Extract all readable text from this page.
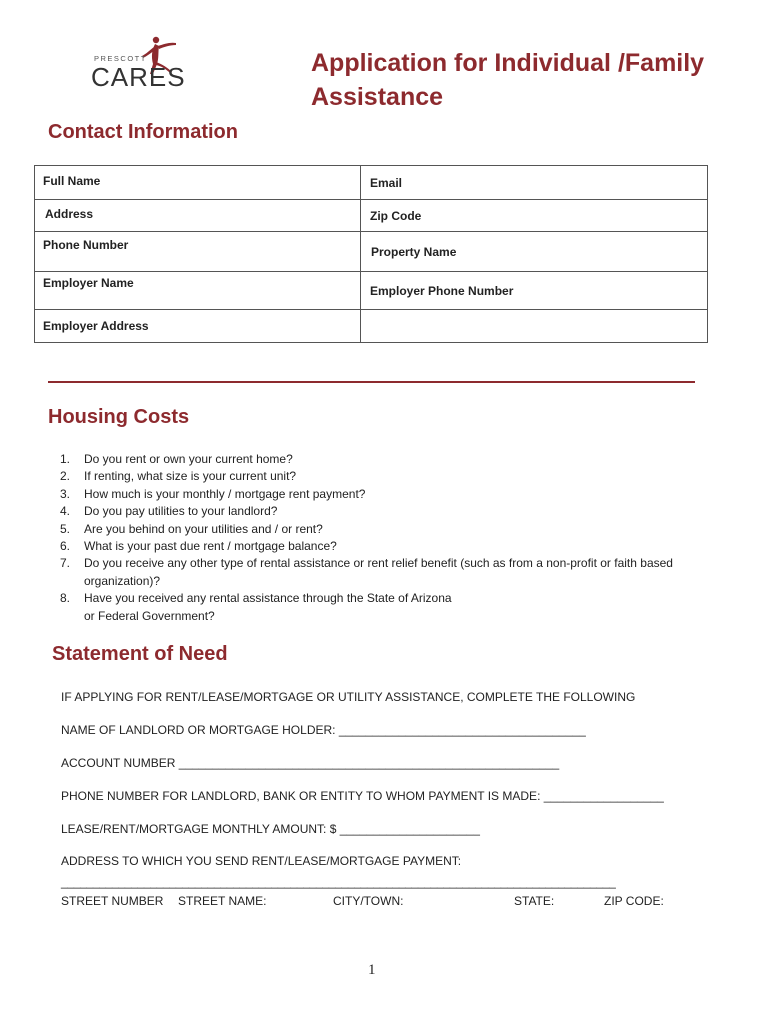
PRESCOTT
CARES	Application for Individual /Family
Assistance
Contact Information
Full Name	Email

Address	Zip Code

Phone Number	Property Name

Employer Name	Employer Phone Number

Employer Address	

Housing Costs
1. Do you rent or own your current home?
2. If renting, what size is your current unit?
3. How much is your monthly / mortgage rent payment?
4. Do you pay utilities to your landlord?
5. Are you behind on your utilities and / or rent?
6. What is your past due rent / mortgage balance?
7. Do you receive any other type of rental assistance or rent relief benefit (such as from a non-profit or faith based organization)?
8. Have you received any rental assistance through the State of Arizona
or Federal Government?
Statement of Need
IF APPLYING FOR RENT/LEASE/MORTGAGE OR UTILITY ASSISTANCE, COMPLETE THE FOLLOWING
NAME OF LANDLORD OR MORTGAGE HOLDER: _____________________________________
ACCOUNT NUMBER _________________________________________________________
PHONE NUMBER FOR LANDLORD, BANK OR ENTITY TO WHOM PAYMENT IS MADE: __________________
LEASE/RENT/MORTGAGE MONTHLY AMOUNT: $ _____________________
ADDRESS TO WHICH YOU SEND RENT/LEASE/MORTGAGE PAYMENT:
_______________________________________________________________________________________
STREET NUMBER STREET NAME:	CITY/TOWN:	STATE:	ZIP CODE:
1
